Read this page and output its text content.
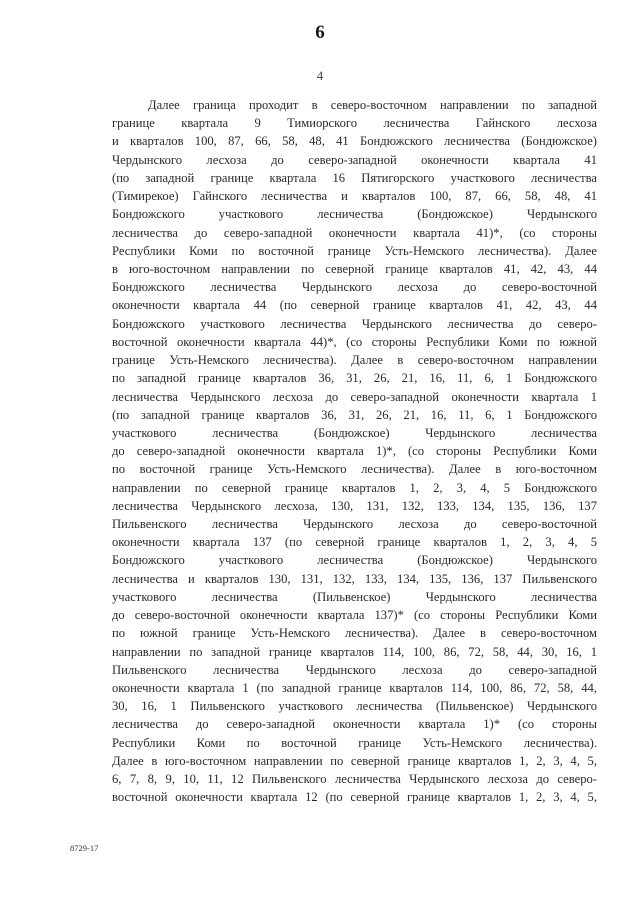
6
4
Далее граница проходит в северо-восточном направлении по западной
границе квартала 9 Тимиорского лесничества Гайнского лесхоза
и кварталов 100, 87, 66, 58, 48, 41 Бондюжского лесничества (Бондюжское)
Чердынского лесхоза до северо-западной оконечности квартала 41
(по западной границе квартала 16 Пятигорского участкового лесничества
(Тимирекое) Гайнского лесничества и кварталов 100, 87, 66, 58, 48, 41
Бондюжского участкового лесничества (Бондюжское) Чердынского
лесничества до северо-западной оконечности квартала 41)*, (со стороны
Республики Коми по восточной границе Усть-Немского лесничества). Далее
в юго-восточном направлении по северной границе кварталов 41, 42, 43, 44
Бондюжского лесничества Чердынского лесхоза до северо-восточной
оконечности квартала 44 (по северной границе кварталов 41, 42, 43, 44
Бондюжского участкового лесничества Чердынского лесничества до северо-
восточной оконечности квартала 44)*, (со стороны Республики Коми по южной
границе Усть-Немского лесничества). Далее в северо-восточном направлении
по западной границе кварталов 36, 31, 26, 21, 16, 11, 6, 1 Бондюжского
лесничества Чердынского лесхоза до северо-западной оконечности квартала 1
(по западной границе кварталов 36, 31, 26, 21, 16, 11, 6, 1 Бондюжского
участкового лесничества (Бондюжское) Чердынского лесничества
до северо-западной оконечности квартала 1)*, (со стороны Республики Коми
по восточной границе Усть-Немского лесничества). Далее в юго-восточном
направлении по северной границе кварталов 1, 2, 3, 4, 5 Бондюжского
лесничества Чердынского лесхоза, 130, 131, 132, 133, 134, 135, 136, 137
Пильвенского лесничества Чердынского лесхоза до северо-восточной
оконечности квартала 137 (по северной границе кварталов 1, 2, 3, 4, 5
Бондюжского участкового лесничества (Бондюжское) Чердынского
лесничества и кварталов 130, 131, 132, 133, 134, 135, 136, 137 Пильвенского
участкового лесничества (Пильвенское) Чердынского лесничества
до северо-восточной оконечности квартала 137)* (со стороны Республики Коми
по южной границе Усть-Немского лесничества). Далее в северо-восточном
направлении по западной границе кварталов 114, 100, 86, 72, 58, 44, 30, 16, 1
Пильвенского лесничества Чердынского лесхоза до северо-западной
оконечности квартала 1 (по западной границе кварталов 114, 100, 86, 72, 58, 44,
30, 16, 1 Пильвенского участкового лесничества (Пильвенское) Чердынского
лесничества до северо-западной оконечности квартала 1)* (со стороны
Республики Коми по восточной границе Усть-Немского лесничества).
Далее в юго-восточном направлении по северной границе кварталов 1, 2, 3, 4, 5,
6, 7, 8, 9, 10, 11, 12 Пильвенского лесничества Чердынского лесхоза до северо-
восточной оконечности квартала 12 (по северной границе кварталов 1, 2, 3, 4, 5,
8729-17
